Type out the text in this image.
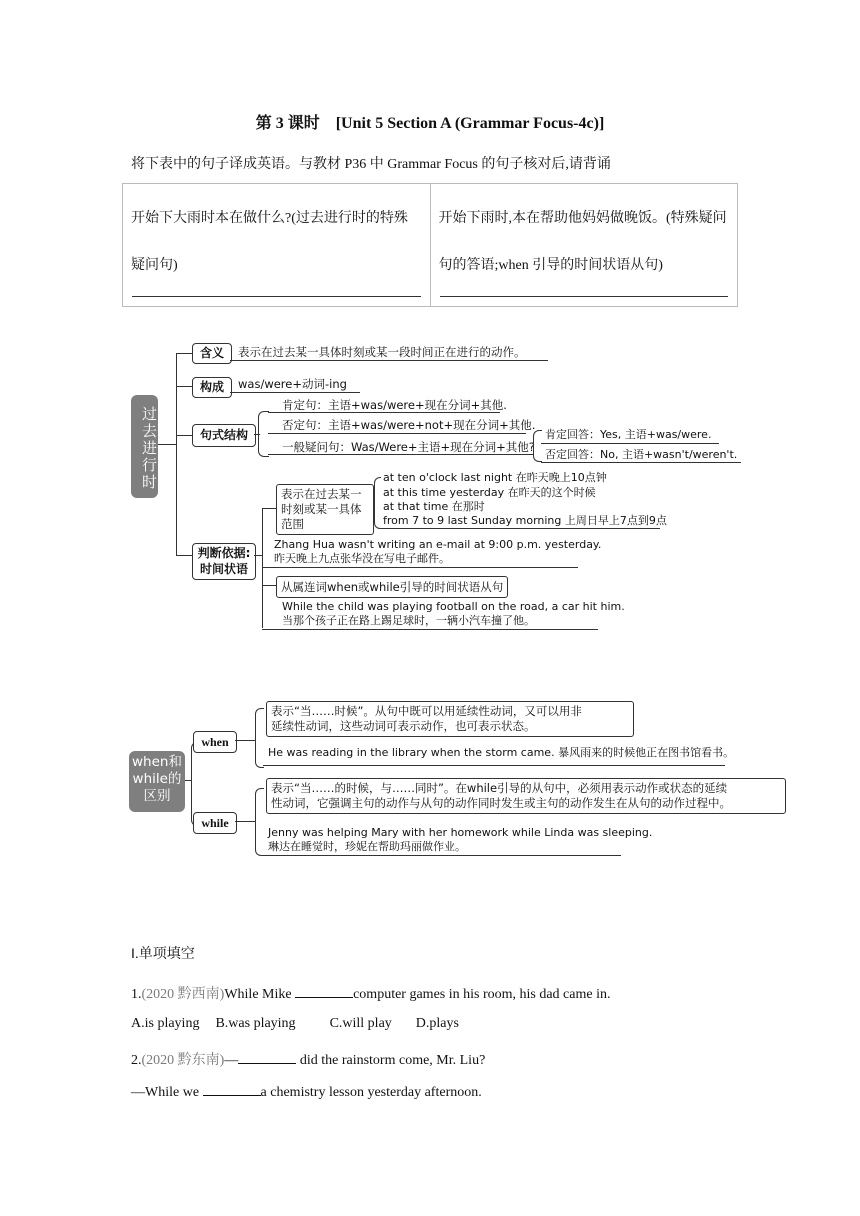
第 3 课时　[Unit 5 Section A (Grammar Focus-4c)]
将下表中的句子译成英语。与教材 P36 中 Grammar Focus 的句子核对后,请背诵
开始下大雨时本在做什么?(过去进行时的特殊疑问句)

开始下雨时,本在帮助他妈妈做晚饭。(特殊疑问句的答语;when 引导的时间状语从句)
过去进行时
含义	表示在过去某一具体时刻或某一段时间正在进行的动作。
构成	was/were+动词-ing
句式结构
肯定句：主语+was/were+现在分词+其他.
否定句：主语+was/were+not+现在分词+其他.
一般疑问句：Was/Were+主语+现在分词+其他?
肯定回答：Yes, 主语+was/were.
否定回答：No, 主语+wasn't/weren't.
判断依据:
时间状语
表示在过去某一时刻或某一具体范围
at ten o'clock last night 在昨天晚上10点钟
at this time yesterday 在昨天的这个时候
at that time 在那时
from 7 to 9 last Sunday morning 上周日早上7点到9点
Zhang Hua wasn't writing an e-mail at 9:00 p.m. yesterday.
昨天晚上九点张华没在写电子邮件。
从属连词when或while引导的时间状语从句
While the child was playing football on the road, a car hit him.
当那个孩子正在路上踢足球时，一辆小汽车撞了他。
when和while的区别
when
表示“当……时候”。从句中既可以用延续性动词，又可以用非
延续性动词，这些动词可表示动作，也可表示状态。
He was reading in the library when the storm came. 暴风雨来的时候他正在图书馆看书。
while
表示“当……的时候，与……同时”。在while引导的从句中，必须用表示动作或状态的延续
性动词，它强调主句的动作与从句的动作同时发生或主句的动作发生在从句的动作过程中。
Jenny was helping Mary with her homework while Linda was sleeping.
琳达在睡觉时，珍妮在帮助玛丽做作业。
I.单项填空
1.(2020 黔西南)While Mike	computer games in his room, his dad came in.
A.is playing B.was playing C.will play D.plays
2.(2020 黔东南)—	did the rainstorm come, Mr. Liu?
—While we	a chemistry lesson yesterday afternoon.
